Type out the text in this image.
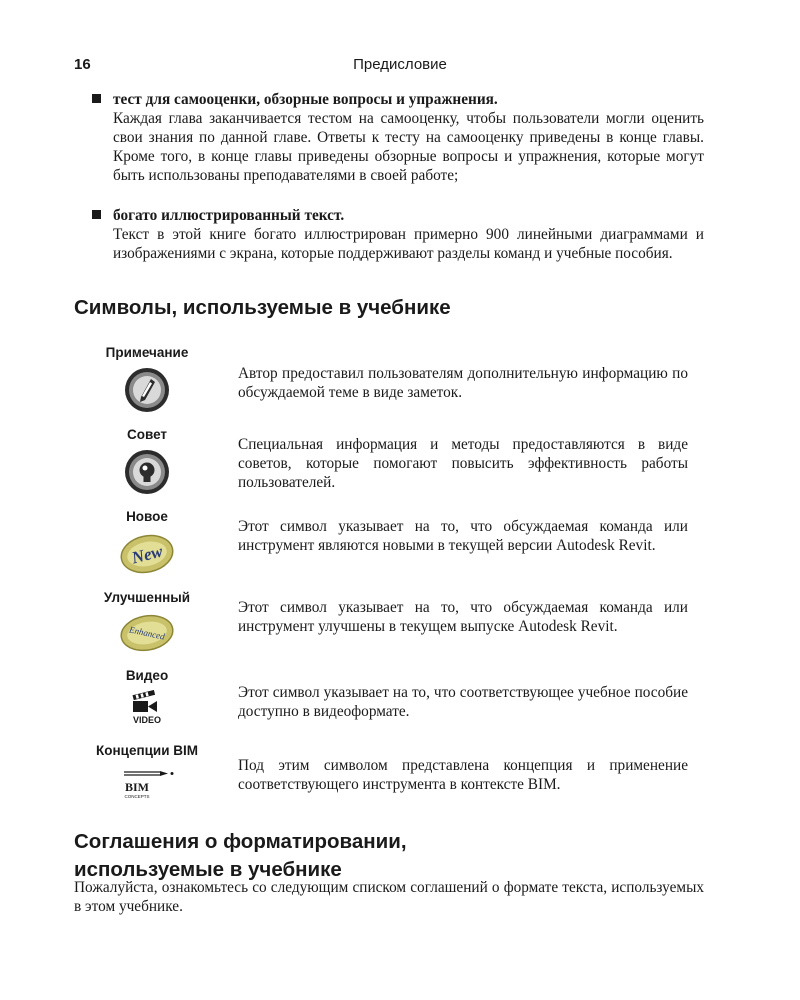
16	Предисловие
тест для самооценки, обзорные вопросы и упражнения.
Каждая глава заканчивается тестом на самооценку, чтобы пользователи могли оценить свои знания по данной главе. Ответы к тесту на самооценку приведены в конце главы. Кроме того, в конце главы приведены обзорные вопросы и упражнения, которые могут быть использованы преподавателями в своей работе;
богато иллюстрированный текст.
Текст в этой книге богато иллюстрирован примерно 900 линейными диаграммами и изображениями с экрана, которые поддерживают разделы команд и учебные пособия.
Символы, используемые в учебнике
Примечание
Автор предоставил пользователям дополнительную информацию по обсуждаемой теме в виде заметок.
Совет
Специальная информация и методы предоставляются в виде советов, которые помогают повысить эффективность работы пользователей.
Новое
New
Этот символ указывает на то, что обсуждаемая команда или инструмент являются новыми в текущей версии Autodesk Revit.
Улучшенный
Enhanced
Этот символ указывает на то, что обсуждаемая команда или инструмент улучшены в текущем выпуске Autodesk Revit.
Видео
VIDEO
Этот символ указывает на то, что соответствующее учебное пособие доступно в видеоформате.
Концепции BIM
BIM
CONCEPTS
Под этим символом представлена концепция и применение соответствующего инструмента в контексте BIM.
Соглашения о форматировании,
используемые в учебнике
Пожалуйста, ознакомьтесь со следующим списком соглашений о формате текста, используемых в этом учебнике.
